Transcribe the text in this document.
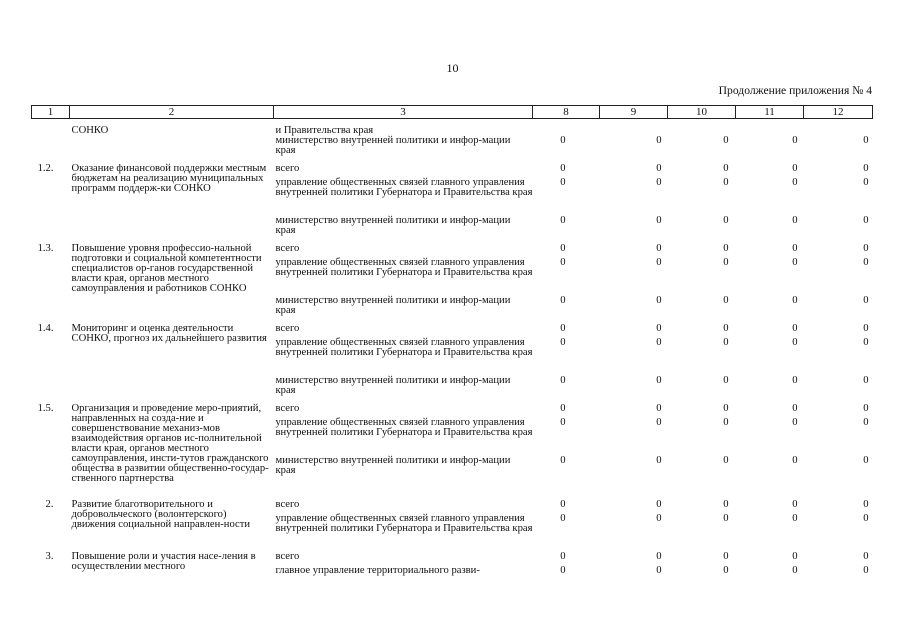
10
Продолжение приложения № 4
1	2	3	8	9	10	11	12

	СОНКО	и Правительства края					
		министерство внутренней политики и инфор-мации края	0	0	0	0	0
1.2.	Оказание финансовой поддержки местным бюджетам на реализацию муниципальных программ поддерж-ки СОНКО	всего	0	0	0	0	0
		управление общественных связей главного управления внутренней политики Губернатора и Правительства края	0	0	0	0	0
		министерство внутренней политики и инфор-мации края	0	0	0	0	0
1.3.	Повышение уровня профессио-нальной подготовки и социальной компетентности специалистов ор-ганов государственной власти края, органов местного самоуправления и работников СОНКО	всего	0	0	0	0	0
		управление общественных связей главного управления внутренней политики Губернатора и Правительства края	0	0	0	0	0
		министерство внутренней политики и инфор-мации края	0	0	0	0	0
1.4.	Мониторинг и оценка деятельности СОНКО, прогноз их дальнейшего развития	всего	0	0	0	0	0
		управление общественных связей главного управления внутренней политики Губернатора и Правительства края	0	0	0	0	0
		министерство внутренней политики и инфор-мации края	0	0	0	0	0
1.5.	Организация и проведение меро-приятий, направленных на созда-ние и совершенствование механиз-мов взаимодействия органов ис-полнительной власти края, органов местного самоуправления, инсти-тутов гражданского общества в развитии общественно-государ-ственного партнерства	всего	0	0	0	0	0
		управление общественных связей главного управления внутренней политики Губернатора и Правительства края	0	0	0	0	0
		министерство внутренней политики и инфор-мации края	0	0	0	0	0
2.	Развитие благотворительного и добровольческого (волонтерского) движения социальной направлен-ности	всего	0	0	0	0	0
		управление общественных связей главного управления внутренней политики Губернатора и Правительства края	0	0	0	0	0
3.	Повышение роли и участия насе-ления в осуществлении местного	всего	0	0	0	0	0
		главное управление территориального разви-	0	0	0	0	0
